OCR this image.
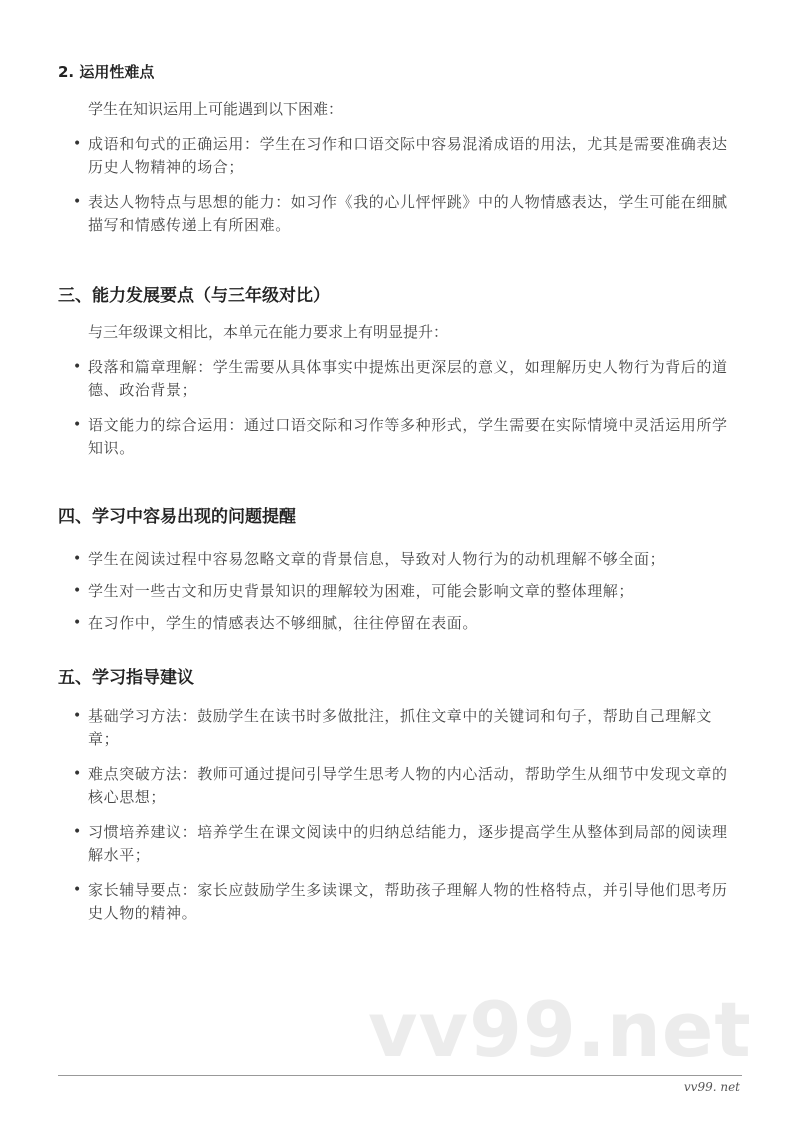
2. 运用性难点

学生在知识运用上可能遇到以下困难：

• 成语和句式的正确运用：学生在习作和口语交际中容易混淆成语的用法，尤其是需要准确表达历史人物精神的场合；
• 表达人物特点与思想的能力：如习作《我的心儿怦怦跳》中的人物情感表达，学生可能在细腻描写和情感传递上有所困难。
三、能力发展要点（与三年级对比）

与三年级课文相比，本单元在能力要求上有明显提升：

• 段落和篇章理解：学生需要从具体事实中提炼出更深层的意义，如理解历史人物行为背后的道德、政治背景；
• 语文能力的综合运用：通过口语交际和习作等多种形式，学生需要在实际情境中灵活运用所学知识。
四、学习中容易出现的问题提醒
• 学生在阅读过程中容易忽略文章的背景信息，导致对人物行为的动机理解不够全面；
• 学生对一些古文和历史背景知识的理解较为困难，可能会影响文章的整体理解；
• 在习作中，学生的情感表达不够细腻，往往停留在表面。
五、学习指导建议
• 基础学习方法：鼓励学生在读书时多做批注，抓住文章中的关键词和句子，帮助自己理解文章；
• 难点突破方法：教师可通过提问引导学生思考人物的内心活动，帮助学生从细节中发现文章的核心思想；
• 习惯培养建议：培养学生在课文阅读中的归纳总结能力，逐步提高学生从整体到局部的阅读理解水平；
• 家长辅导要点：家长应鼓励学生多读课文，帮助孩子理解人物的性格特点，并引导他们思考历史人物的精神。
vv99.net
vv99. net
